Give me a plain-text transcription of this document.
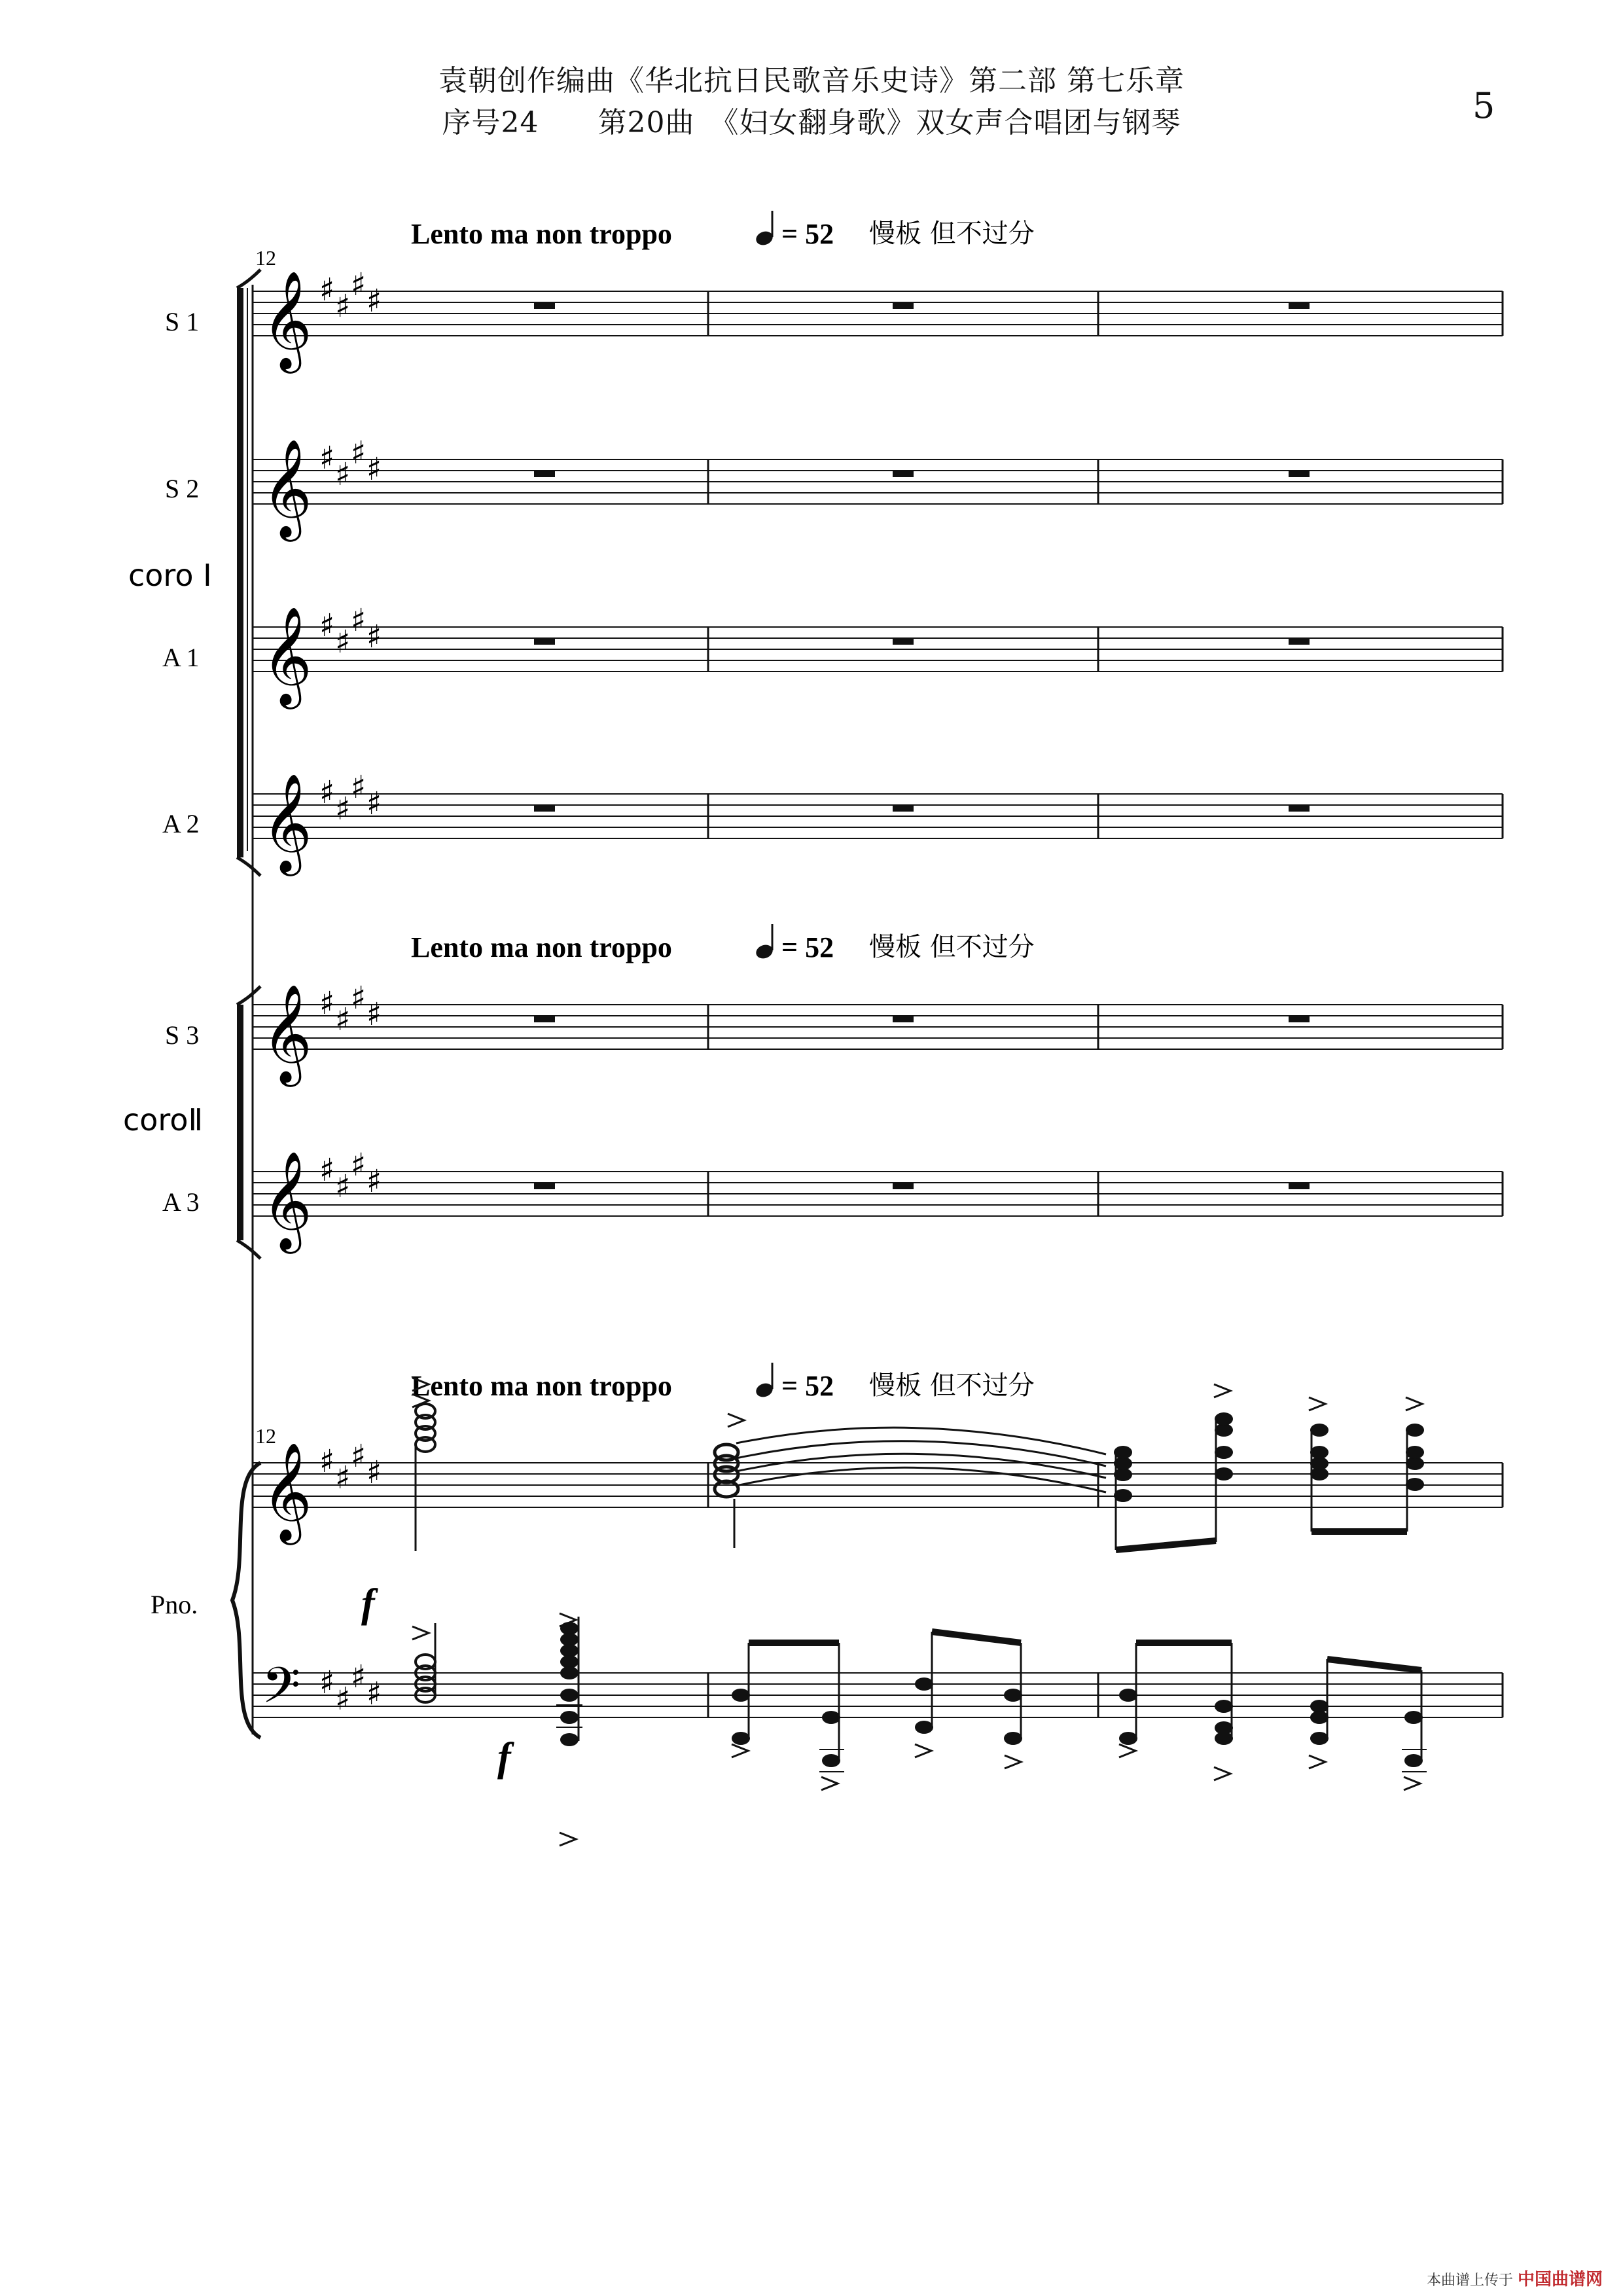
袁朝创作编曲《华北抗日民歌音乐史诗》第二部 第七乐章
序号24　　第20曲　《妇女翻身歌》双女声合唱团与钢琴	5
Lento ma non troppo	= 52 慢板 但不过分
Lento ma non troppo	= 52 慢板 但不过分
Lento ma non troppo	= 52 慢板 但不过分
12
12
S 1
S 2
coro Ⅰ
A 1
A 2
S 3
coroⅡ
A 3
Pno.
𝄞 ♯ ♯
♯ ♯
𝄞 ♯ ♯
♯ ♯
𝄞 ♯ ♯
♯ ♯
𝄞 ♯ ♯
♯ ♯
𝄞 ♯ ♯
♯ ♯
𝄞 ♯ ♯
♯ ♯
𝄞 ♯ ♯
♯ ♯
𝄢 ♯ ♯
♯ ♯
f
f
本曲谱上传于 中国曲谱网
